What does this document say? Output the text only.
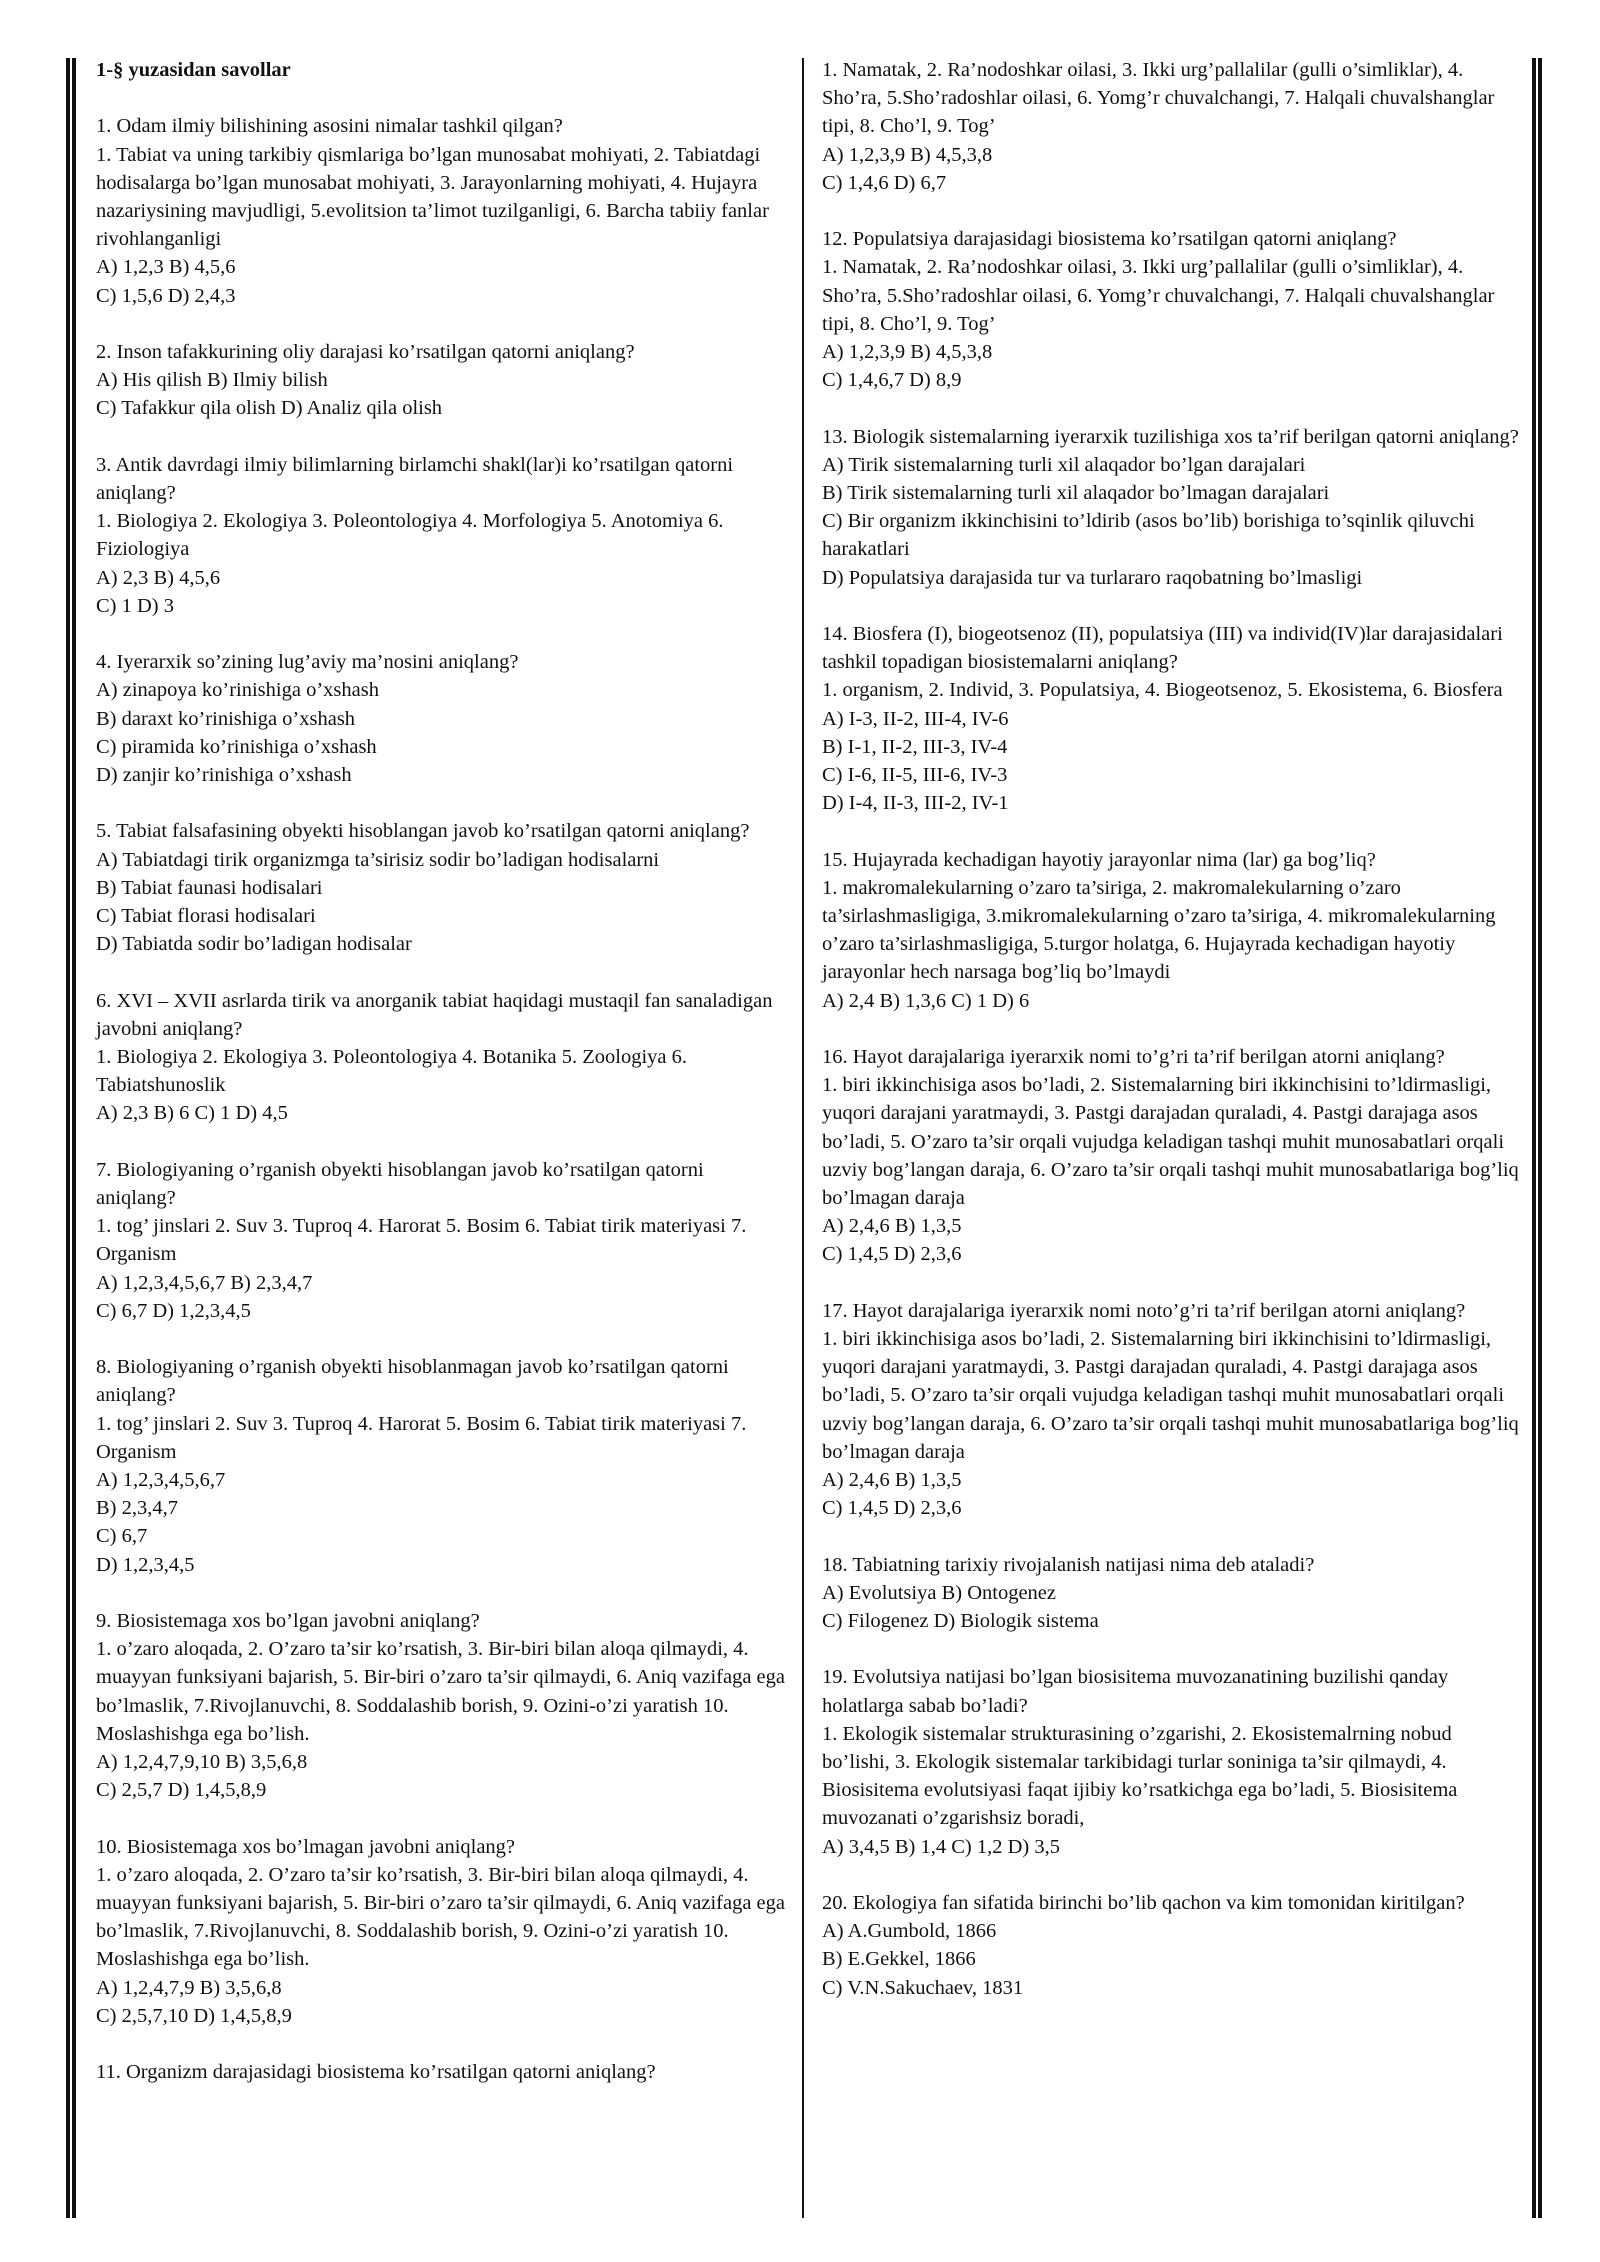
1-§ yuzasidan savollar
1. Odam ilmiy bilishining asosini nimalar tashkil qilgan?
1. Tabiat va uning tarkibiy qismlariga bo’lgan munosabat mohiyati, 2. Tabiatdagi hodisalarga bo’lgan munosabat mohiyati, 3. Jarayonlarning mohiyati, 4. Hujayra nazariysining mavjudligi, 5.evolitsion ta’limot tuzilganligi, 6. Barcha tabiiy fanlar rivohlanganligi
A) 1,2,3 B) 4,5,6
C) 1,5,6 D) 2,4,3
2. Inson tafakkurining oliy darajasi ko’rsatilgan qatorni aniqlang?
A) His qilish B) Ilmiy bilish
C) Tafakkur qila olish D) Analiz qila olish
3. Antik davrdagi ilmiy bilimlarning birlamchi shakl(lar)i ko’rsatilgan qatorni aniqlang?
1. Biologiya 2. Ekologiya 3. Poleontologiya 4. Morfologiya 5. Anotomiya 6. Fiziologiya
A) 2,3 B) 4,5,6
C) 1 D) 3
4. Iyerarxik so’zining lug’aviy ma’nosini aniqlang?
A) zinapoya ko’rinishiga o’xshash
B) daraxt ko’rinishiga o’xshash
C) piramida ko’rinishiga o’xshash
D) zanjir ko’rinishiga o’xshash
5. Tabiat falsafasining obyekti hisoblangan javob ko’rsatilgan qatorni aniqlang?
A) Tabiatdagi tirik organizmga ta’sirisiz sodir bo’ladigan hodisalarni
B) Tabiat faunasi hodisalari
C) Tabiat florasi hodisalari
D) Tabiatda sodir bo’ladigan hodisalar
6. XVI – XVII asrlarda tirik va anorganik tabiat haqidagi mustaqil fan sanaladigan javobni aniqlang?
1. Biologiya 2. Ekologiya 3. Poleontologiya 4. Botanika 5. Zoologiya 6. Tabiatshunoslik
A) 2,3 B) 6 C) 1 D) 4,5
7. Biologiyaning o’rganish obyekti hisoblangan javob ko’rsatilgan qatorni aniqlang?
1. tog’ jinslari 2. Suv 3. Tuproq 4. Harorat 5. Bosim 6. Tabiat tirik materiyasi 7. Organism
A) 1,2,3,4,5,6,7 B) 2,3,4,7
C) 6,7 D) 1,2,3,4,5
8. Biologiyaning o’rganish obyekti hisoblanmagan javob ko’rsatilgan qatorni aniqlang?
1. tog’ jinslari 2. Suv 3. Tuproq 4. Harorat 5. Bosim 6. Tabiat tirik materiyasi 7. Organism
A) 1,2,3,4,5,6,7
B) 2,3,4,7
C) 6,7
D) 1,2,3,4,5
9. Biosistemaga xos bo’lgan javobni aniqlang?
1. o’zaro aloqada, 2. O’zaro ta’sir ko’rsatish, 3. Bir-biri bilan aloqa qilmaydi, 4. muayyan funksiyani bajarish, 5. Bir-biri o’zaro ta’sir qilmaydi, 6. Aniq vazifaga ega bo’lmaslik, 7.Rivojlanuvchi, 8. Soddalashib borish, 9. Ozini-o’zi yaratish 10. Moslashishga ega bo’lish.
A) 1,2,4,7,9,10 B) 3,5,6,8
C) 2,5,7 D) 1,4,5,8,9
10. Biosistemaga xos bo’lmagan javobni aniqlang?
1. o’zaro aloqada, 2. O’zaro ta’sir ko’rsatish, 3. Bir-biri bilan aloqa qilmaydi, 4. muayyan funksiyani bajarish, 5. Bir-biri o’zaro ta’sir qilmaydi, 6. Aniq vazifaga ega bo’lmaslik, 7.Rivojlanuvchi, 8. Soddalashib borish, 9. Ozini-o’zi yaratish 10. Moslashishga ega bo’lish.
A) 1,2,4,7,9 B) 3,5,6,8
C) 2,5,7,10 D) 1,4,5,8,9
11. Organizm darajasidagi biosistema ko’rsatilgan qatorni aniqlang?
1. Namatak, 2. Ra’nodoshkar oilasi, 3. Ikki urg’pallalilar (gulli o’simliklar), 4. Sho’ra, 5.Sho’radoshlar oilasi, 6. Yomg’r chuvalchangi, 7. Halqali chuvalshanglar tipi, 8. Cho’l, 9. Tog’
A) 1,2,3,9 B) 4,5,3,8
C) 1,4,6 D) 6,7
12. Populatsiya darajasidagi biosistema ko’rsatilgan qatorni aniqlang?
1. Namatak, 2. Ra’nodoshkar oilasi, 3. Ikki urg’pallalilar (gulli o’simliklar), 4. Sho’ra, 5.Sho’radoshlar oilasi, 6. Yomg’r chuvalchangi, 7. Halqali chuvalshanglar tipi, 8. Cho’l, 9. Tog’
A) 1,2,3,9 B) 4,5,3,8
C) 1,4,6,7 D) 8,9
13. Biologik sistemalarning iyerarxik tuzilishiga xos ta’rif berilgan qatorni aniqlang?
A) Tirik sistemalarning turli xil alaqador bo’lgan darajalari
B) Tirik sistemalarning turli xil alaqador bo’lmagan darajalari
C) Bir organizm ikkinchisini to’ldirib (asos bo’lib) borishiga to’sqinlik qiluvchi harakatlari
D) Populatsiya darajasida tur va turlararo raqobatning bo’lmasligi
14. Biosfera (I), biogeotsenoz (II), populatsiya (III) va individ(IV)lar darajasidalari tashkil topadigan biosistemalarni aniqlang?
1. organism, 2. Individ, 3. Populatsiya, 4. Biogeotsenoz, 5. Ekosistema, 6. Biosfera
A) I-3, II-2, III-4, IV-6
B) I-1, II-2, III-3, IV-4
C) I-6, II-5, III-6, IV-3
D) I-4, II-3, III-2, IV-1
15. Hujayrada kechadigan hayotiy jarayonlar nima (lar) ga bog’liq?
1. makromalekularning o’zaro ta’siriga, 2. makromalekularning o’zaro ta’sirlashmasligiga, 3.mikromalekularning o’zaro ta’siriga, 4. mikromalekularning o’zaro ta’sirlashmasligiga, 5.turgor holatga, 6. Hujayrada kechadigan hayotiy jarayonlar hech narsaga bog’liq bo’lmaydi
A) 2,4 B) 1,3,6 C) 1 D) 6
16. Hayot darajalariga iyerarxik nomi to’g’ri ta’rif berilgan atorni aniqlang?
1. biri ikkinchisiga asos bo’ladi, 2. Sistemalarning biri ikkinchisini to’ldirmasligi, yuqori darajani yaratmaydi, 3. Pastgi darajadan quraladi, 4. Pastgi darajaga asos bo’ladi, 5. O’zaro ta’sir orqali vujudga keladigan tashqi muhit munosabatlari orqali uzviy bog’langan daraja, 6. O’zaro ta’sir orqali tashqi muhit munosabatlariga bog’liq bo’lmagan daraja
A) 2,4,6 B) 1,3,5
C) 1,4,5 D) 2,3,6
17. Hayot darajalariga iyerarxik nomi noto’g’ri ta’rif berilgan atorni aniqlang?
1. biri ikkinchisiga asos bo’ladi, 2. Sistemalarning biri ikkinchisini to’ldirmasligi, yuqori darajani yaratmaydi, 3. Pastgi darajadan quraladi, 4. Pastgi darajaga asos bo’ladi, 5. O’zaro ta’sir orqali vujudga keladigan tashqi muhit munosabatlari orqali uzviy bog’langan daraja, 6. O’zaro ta’sir orqali tashqi muhit munosabatlariga bog’liq bo’lmagan daraja
A) 2,4,6 B) 1,3,5
C) 1,4,5 D) 2,3,6
18. Tabiatning tarixiy rivojalanish natijasi nima deb ataladi?
A) Evolutsiya B) Ontogenez
C) Filogenez D) Biologik sistema
19. Evolutsiya natijasi bo’lgan biosisitema muvozanatining buzilishi qanday holatlarga sabab bo’ladi?
1. Ekologik sistemalar strukturasining o’zgarishi, 2. Ekosistemalrning nobud bo’lishi, 3. Ekologik sistemalar tarkibidagi turlar soniniga ta’sir qilmaydi, 4. Biosisitema evolutsiyasi faqat ijibiy ko’rsatkichga ega bo’ladi, 5. Biosisitema muvozanati o’zgarishsiz boradi,
A) 3,4,5 B) 1,4 C) 1,2 D) 3,5
20. Ekologiya fan sifatida birinchi bo’lib qachon va kim tomonidan kiritilgan?
A) A.Gumbold, 1866
B) E.Gekkel, 1866
C) V.N.Sakuchaev, 1831
